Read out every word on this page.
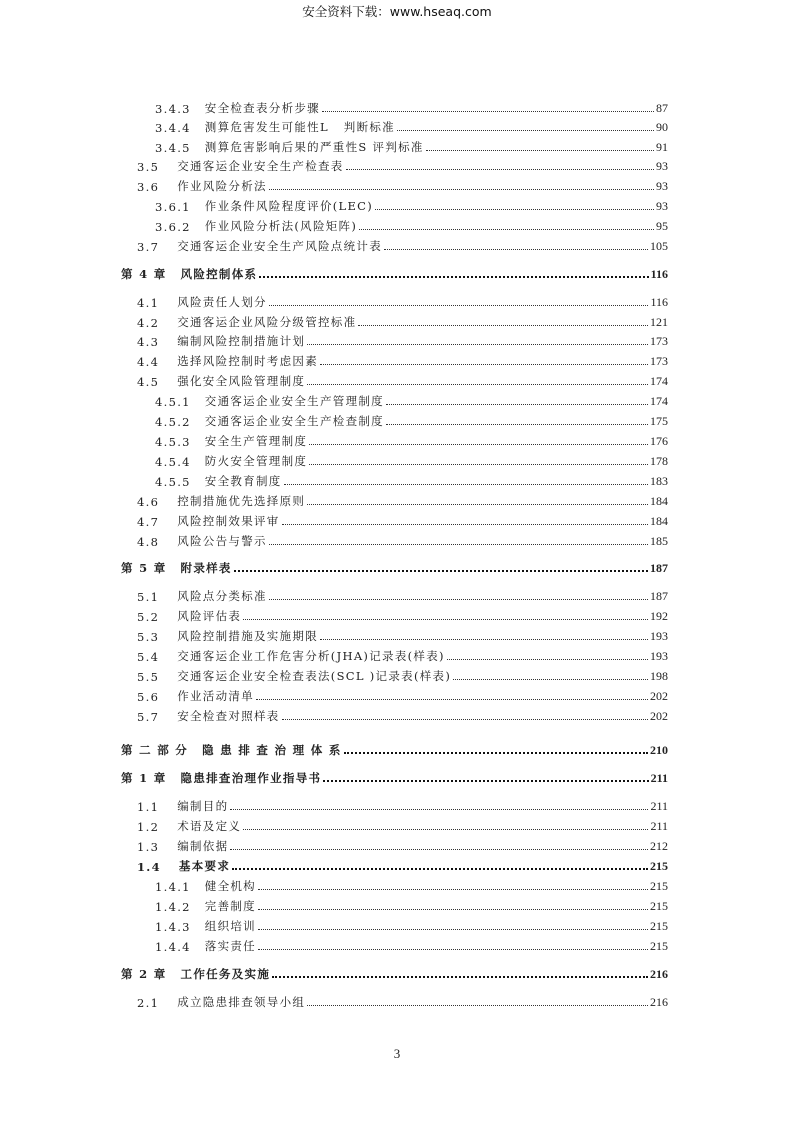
安全资料下载：www.hseaq.com
3.4.3 安全检查表分析步骤	87
3.4.4 测算危害发生可能性L   判断标准	90
3.4.5 测算危害影响后果的严重性S 评判标准	91
3.5 交通客运企业安全生产检查表	93
3.6 作业风险分析法	93
3.6.1 作业条件风险程度评价(LEC)	93
3.6.2 作业风险分析法(风险矩阵)	95
3.7 交通客运企业安全生产风险点统计表	105
第 4 章 风险控制体系	116
4.1 风险责任人划分	116
4.2 交通客运企业风险分级管控标准	121
4.3 编制风险控制措施计划	173
4.4 选择风险控制时考虑因素	173
4.5 强化安全风险管理制度	174
4.5.1 交通客运企业安全生产管理制度	174
4.5.2 交通客运企业安全生产检查制度	175
4.5.3 安全生产管理制度	176
4.5.4 防火安全管理制度	178
4.5.5 安全教育制度	183
4.6 控制措施优先选择原则	184
4.7 风险控制效果评审	184
4.8 风险公告与警示	185
第 5 章 附录样表	187
5.1 风险点分类标准	187
5.2 风险评估表	192
5.3 风险控制措施及实施期限	193
5.4 交通客运企业工作危害分析(JHA)记录表(样表)	193
5.5 交通客运企业安全检查表法(SCL )记录表(样表)	198
5.6 作业活动清单	202
5.7 安全检查对照样表	202
第 二 部 分 隐 患 排 查 治 理 体 系	210
第 1 章 隐患排查治理作业指导书	211
1.1 编制目的	211
1.2 术语及定义	211
1.3 编制依据	212
1.4 基本要求	215
1.4.1 健全机构	215
1.4.2 完善制度	215
1.4.3 组织培训	215
1.4.4 落实责任	215
第 2 章 工作任务及实施	216
2.1 成立隐患排查领导小组	216
3
